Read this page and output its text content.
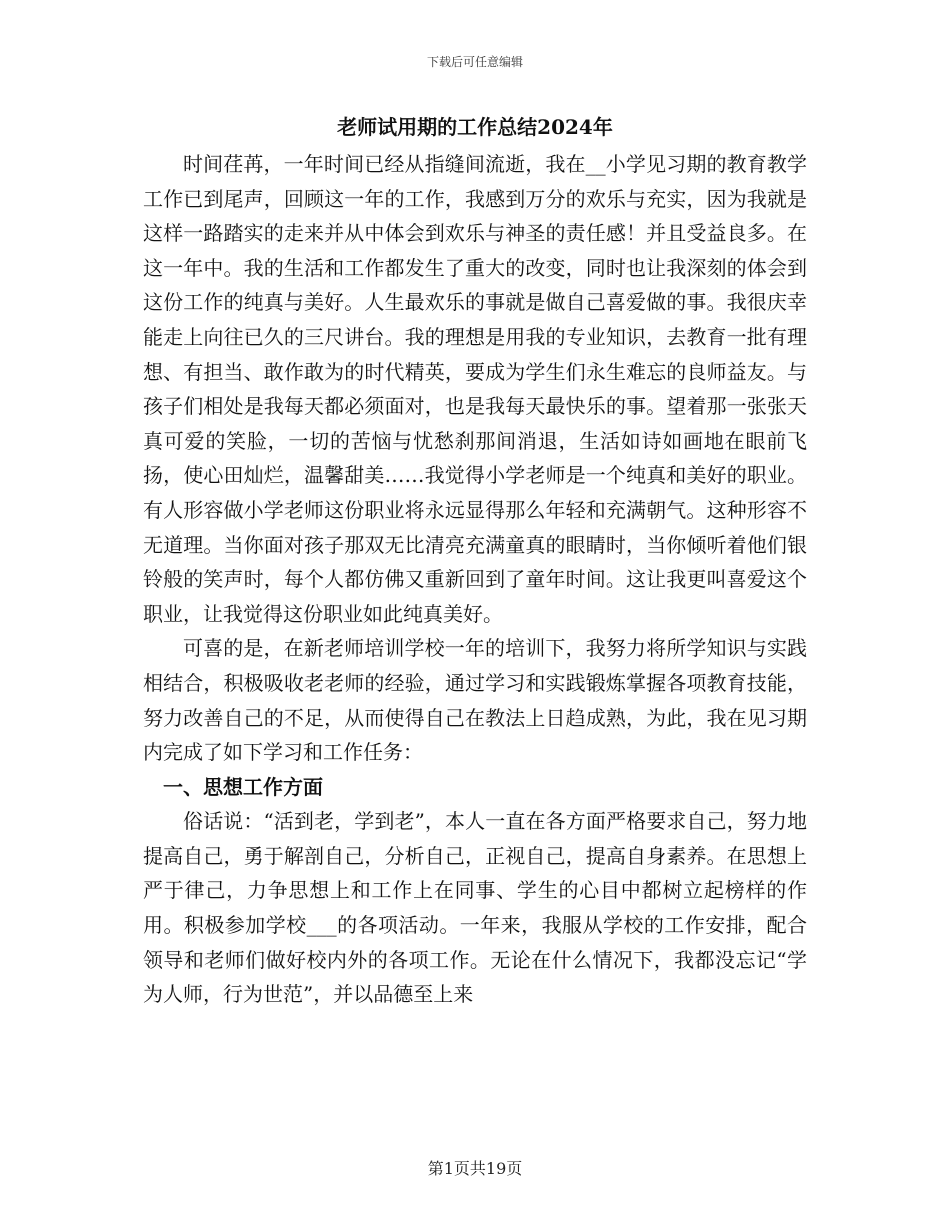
下载后可任意编辑
老师试用期的工作总结2024年

时间荏苒，一年时间已经从指缝间流逝，我在__小学见习期的教育教学工作已到尾声，回顾这一年的工作，我感到万分的欢乐与充实，因为我就是这样一路踏实的走来并从中体会到欢乐与神圣的责任感！并且受益良多。在这一年中。我的生活和工作都发生了重大的改变，同时也让我深刻的体会到这份工作的纯真与美好。人生最欢乐的事就是做自己喜爱做的事。我很庆幸能走上向往已久的三尺讲台。我的理想是用我的专业知识，去教育一批有理想、有担当、敢作敢为的时代精英，要成为学生们永生难忘的良师益友。与孩子们相处是我每天都必须面对，也是我每天最快乐的事。望着那一张张天真可爱的笑脸，一切的苦恼与忧愁刹那间消退，生活如诗如画地在眼前飞扬，使心田灿烂，温馨甜美……我觉得小学老师是一个纯真和美好的职业。有人形容做小学老师这份职业将永远显得那么年轻和充满朝气。这种形容不无道理。当你面对孩子那双无比清亮充满童真的眼睛时，当你倾听着他们银铃般的笑声时，每个人都仿佛又重新回到了童年时间。这让我更叫喜爱这个职业，让我觉得这份职业如此纯真美好。

可喜的是，在新老师培训学校一年的培训下，我努力将所学知识与实践相结合，积极吸收老老师的经验，通过学习和实践锻炼掌握各项教育技能，努力改善自己的不足，从而使得自己在教法上日趋成熟，为此，我在见习期内完成了如下学习和工作任务：

一、思想工作方面

俗话说：“活到老，学到老”，本人一直在各方面严格要求自己，努力地提高自己，勇于解剖自己，分析自己，正视自己，提高自身素养。在思想上严于律己，力争思想上和工作上在同事、学生的心目中都树立起榜样的作用。积极参加学校___的各项活动。一年来，我服从学校的工作安排，配合领导和老师们做好校内外的各项工作。无论在什么情况下，我都没忘记“学为人师，行为世范”，并以品德至上来

第1页共19页
